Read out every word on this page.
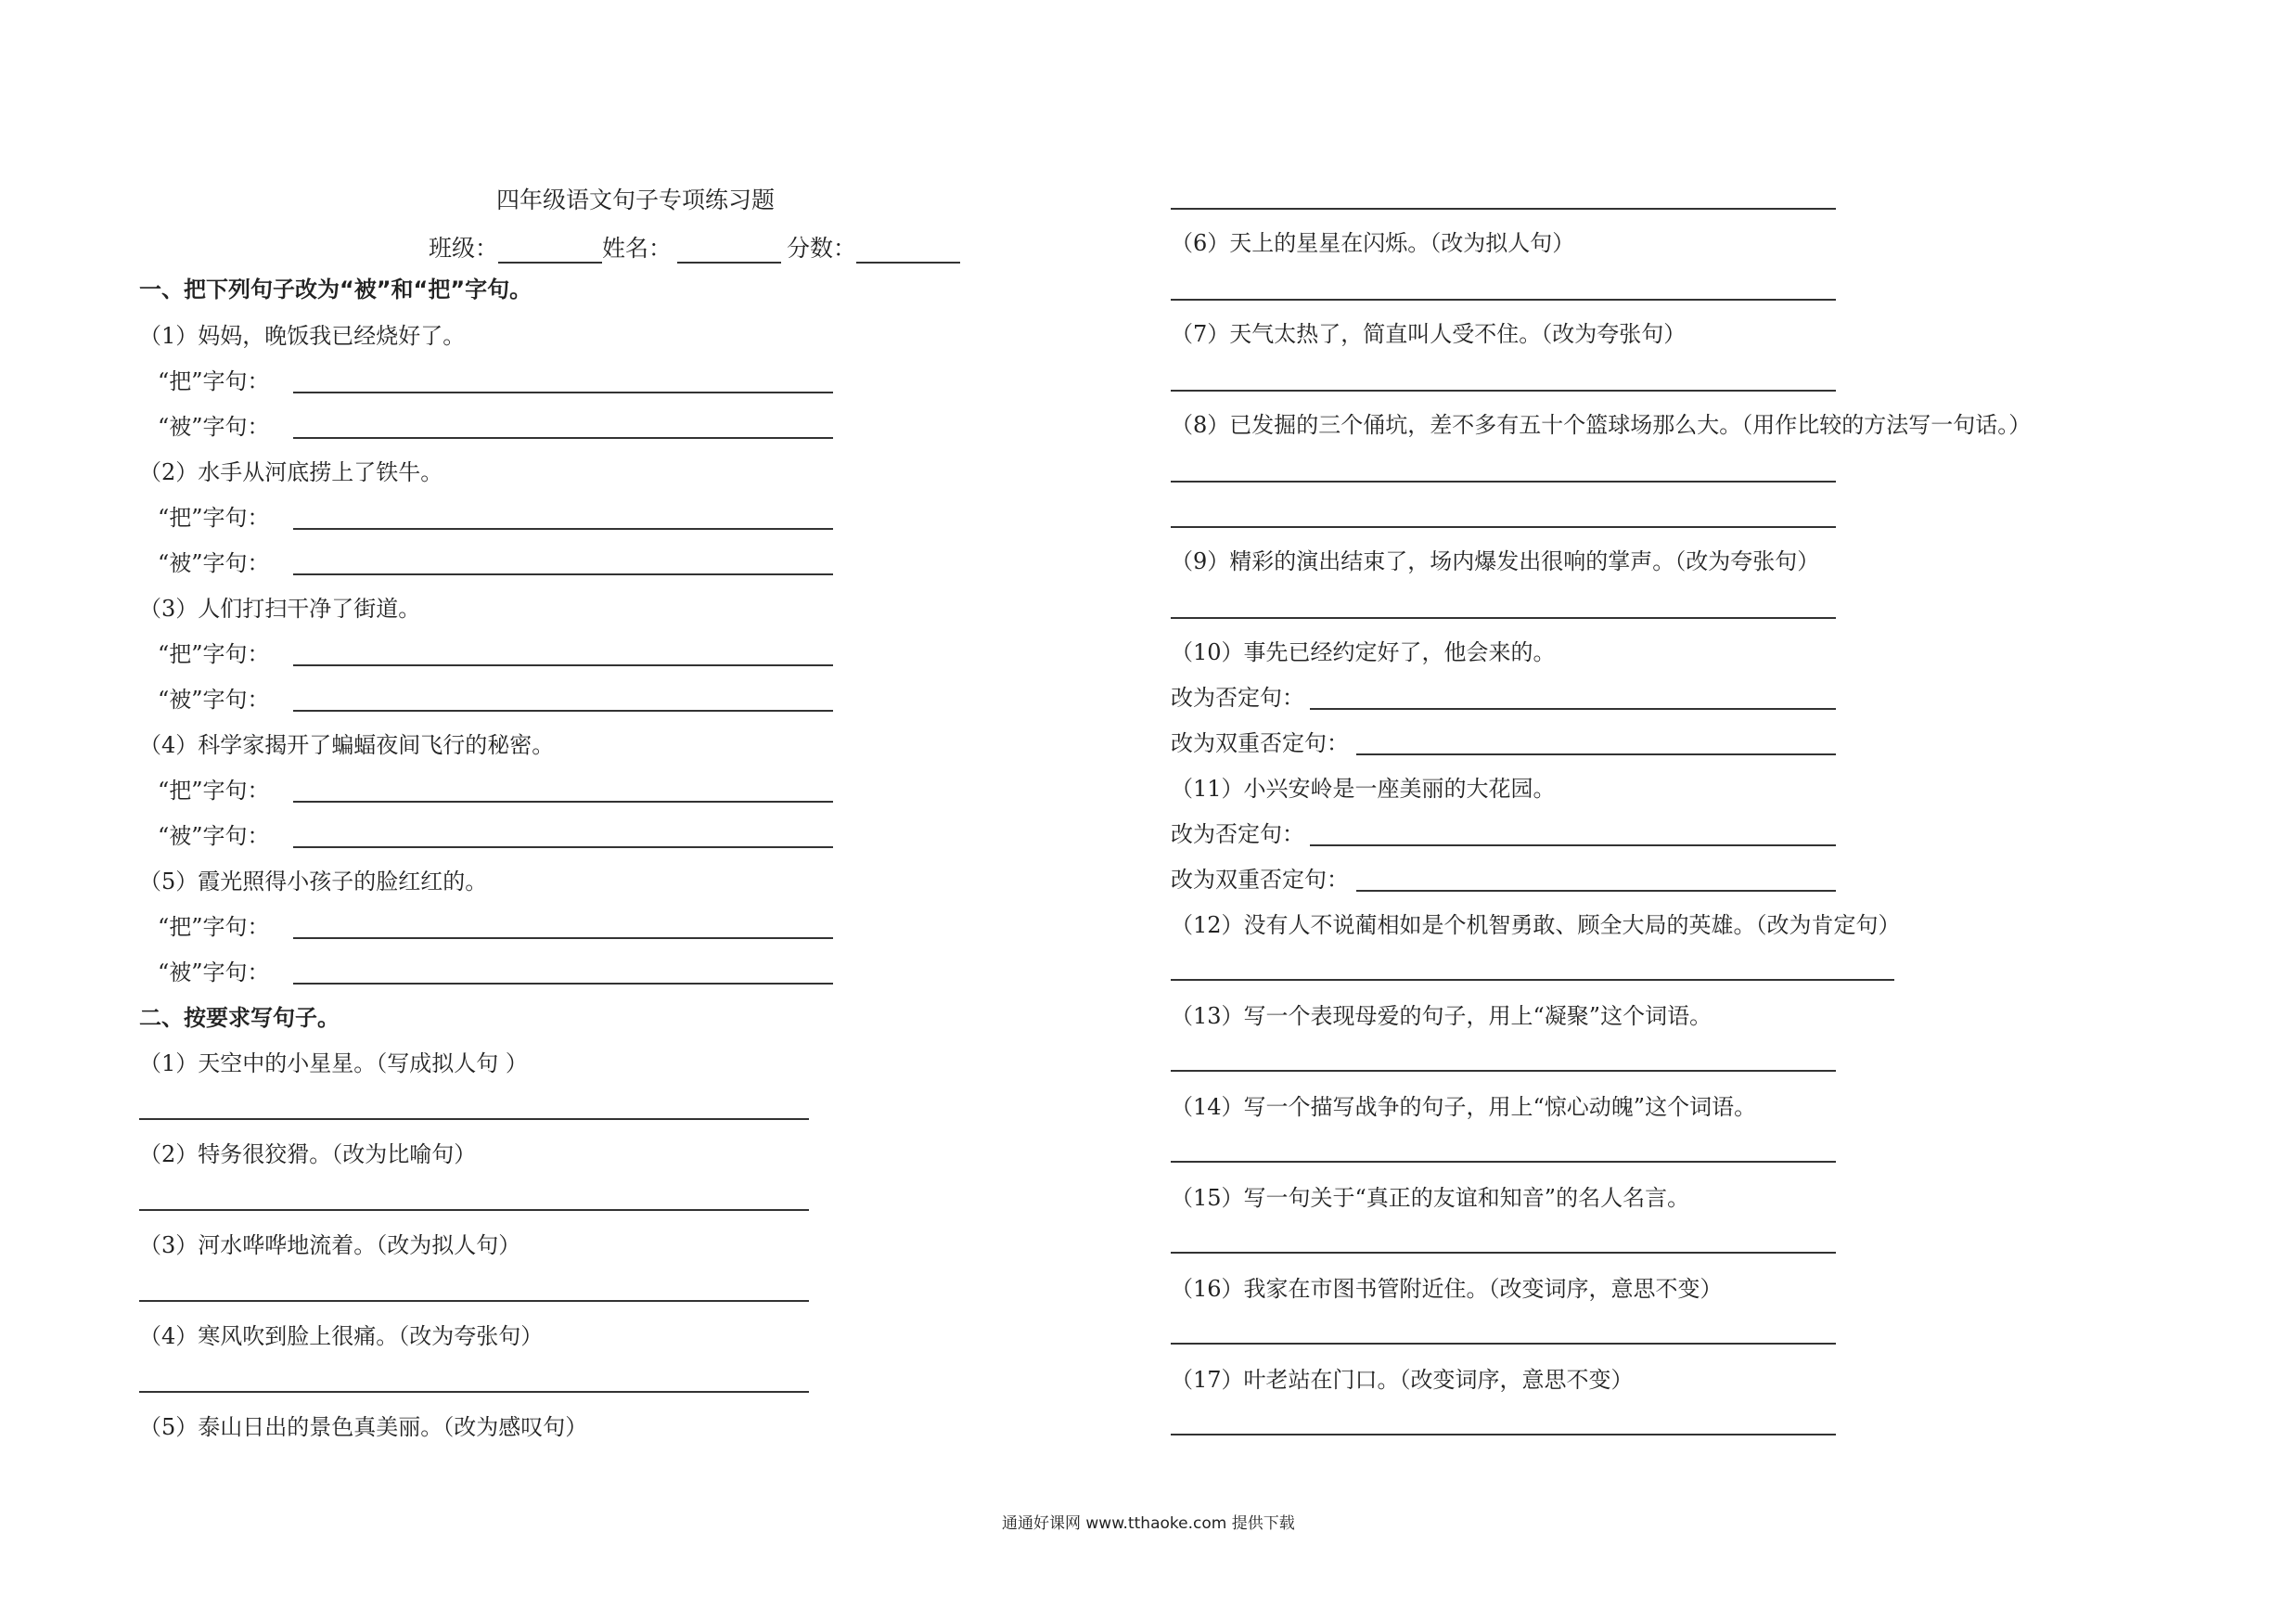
四年级语文句子专项练习题
班级：	姓名：	分数：
一、把下列句子改为“被”和“把”字句。
（1）妈妈，晚饭我已经烧好了。
“把”字句：
“被”字句：
（2）水手从河底捞上了铁牛。
“把”字句：
“被”字句：
（3）人们打扫干净了街道。
“把”字句：
“被”字句：
（4）科学家揭开了蝙蝠夜间飞行的秘密。
“把”字句：
“被”字句：
（5）霞光照得小孩子的脸红红的。
“把”字句：
“被”字句：
二、按要求写句子。
（1）天空中的小星星。（写成拟人句 ）
（2）特务很狡猾。（改为比喻句）
（3）河水哗哗地流着。（改为拟人句）
（4）寒风吹到脸上很痛。（改为夸张句）
（5）泰山日出的景色真美丽。（改为感叹句）
（6）天上的星星在闪烁。（改为拟人句）
（7）天气太热了，简直叫人受不住。（改为夸张句）
（8）已发掘的三个俑坑，差不多有五十个篮球场那么大。（用作比较的方法写一句话。）
（9）精彩的演出结束了，场内爆发出很响的掌声。（改为夸张句）
（10）事先已经约定好了，他会来的。
改为否定句：
改为双重否定句：
（11）小兴安岭是一座美丽的大花园。
改为否定句：
改为双重否定句：
（12）没有人不说蔺相如是个机智勇敢、顾全大局的英雄。（改为肯定句）
（13）写一个表现母爱的句子，用上“凝聚”这个词语。
（14）写一个描写战争的句子，用上“惊心动魄”这个词语。
（15）写一句关于“真正的友谊和知音”的名人名言。
（16）我家在市图书管附近住。（改变词序，意思不变）
（17）叶老站在门口。（改变词序，意思不变）
通通好课网 www.tthaoke.com 提供下载
